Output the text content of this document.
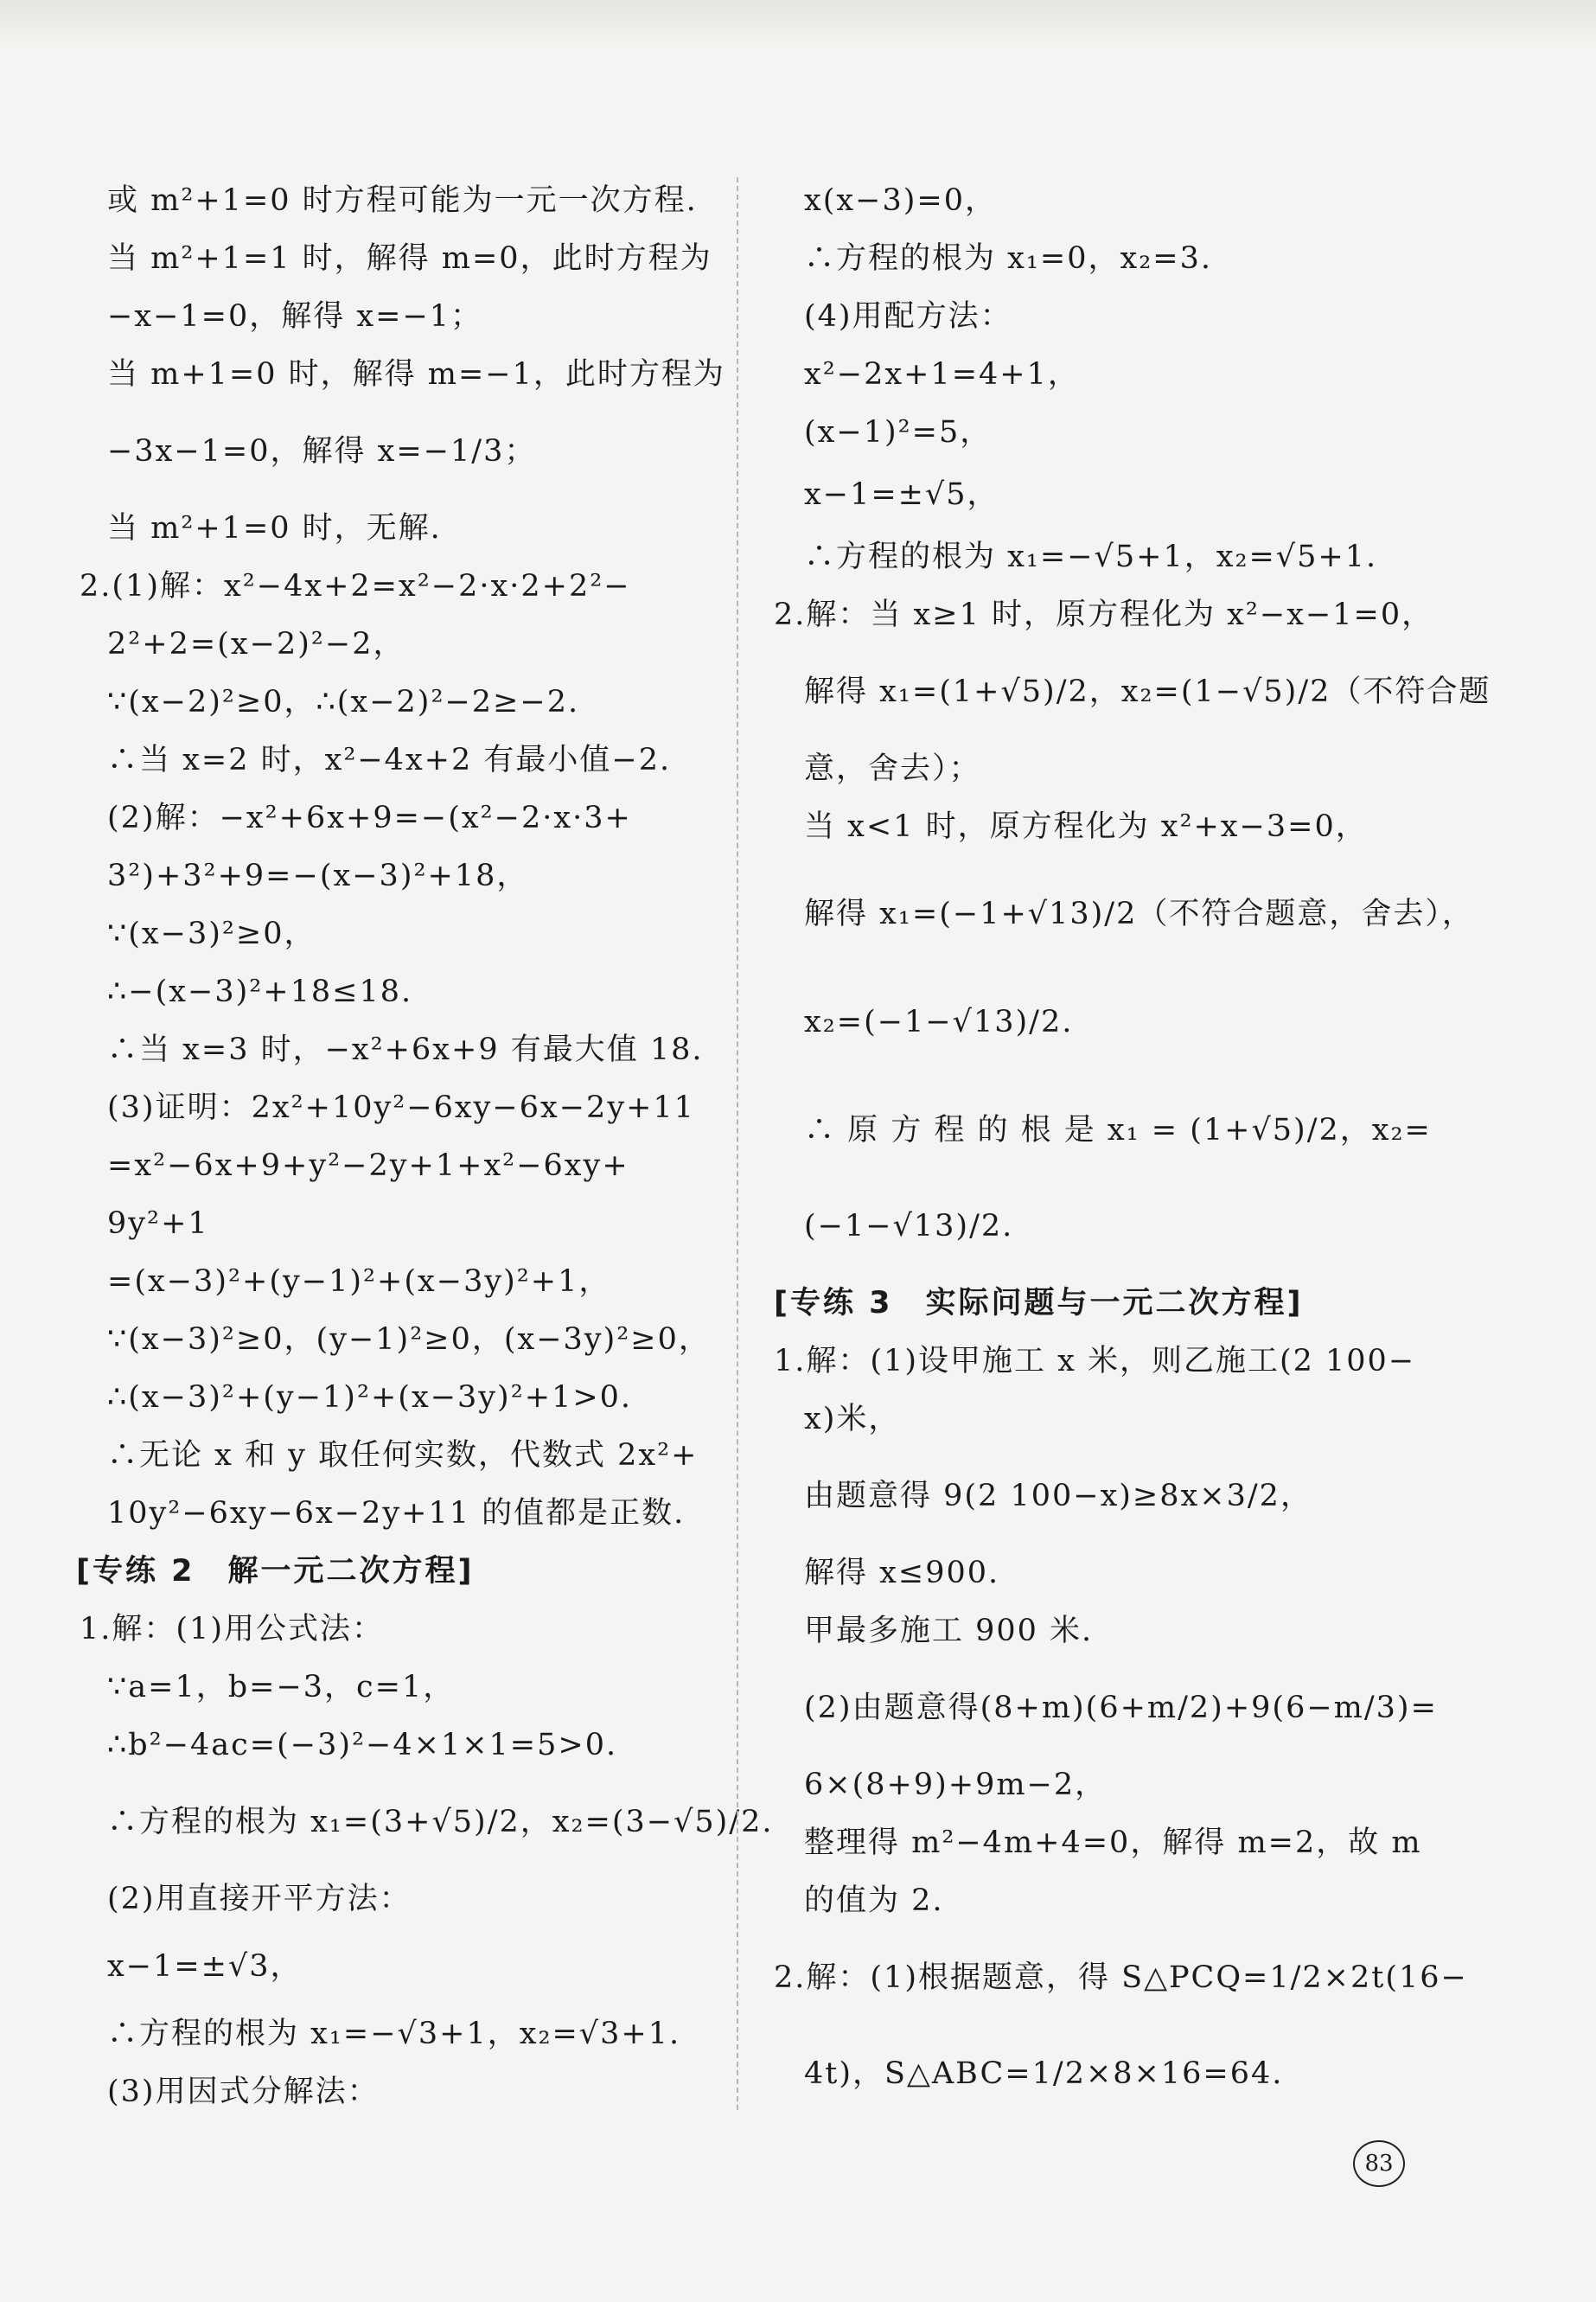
或 m²+1=0 时方程可能为一元一次方程.
当 m²+1=1 时，解得 m=0，此时方程为
−x−1=0，解得 x=−1；
当 m+1=0 时，解得 m=−1，此时方程为
−3x−1=0，解得 x=−1/3；
当 m²+1=0 时，无解.
2.(1)解：x²−4x+2=x²−2·x·2+2²−
2²+2=(x−2)²−2，
∵(x−2)²≥0，∴(x−2)²−2≥−2.
∴当 x=2 时，x²−4x+2 有最小值−2.
(2)解：−x²+6x+9=−(x²−2·x·3+
3²)+3²+9=−(x−3)²+18，
∵(x−3)²≥0，
∴−(x−3)²+18≤18.
∴当 x=3 时，−x²+6x+9 有最大值 18.
(3)证明：2x²+10y²−6xy−6x−2y+11
=x²−6x+9+y²−2y+1+x²−6xy+
9y²+1
=(x−3)²+(y−1)²+(x−3y)²+1，
∵(x−3)²≥0，(y−1)²≥0，(x−3y)²≥0，
∴(x−3)²+(y−1)²+(x−3y)²+1>0.
∴无论 x 和 y 取任何实数，代数式 2x²+
10y²−6xy−6x−2y+11 的值都是正数.
[专练 2　解一元二次方程]
1.解：(1)用公式法：
∵a=1，b=−3，c=1，
∴b²−4ac=(−3)²−4×1×1=5>0.
∴方程的根为 x₁=(3+√5)/2，x₂=(3−√5)/2.
(2)用直接开平方法：
x−1=±√3，
∴方程的根为 x₁=−√3+1，x₂=√3+1.
(3)用因式分解法：
x(x−3)=0，
∴方程的根为 x₁=0，x₂=3.
(4)用配方法：
x²−2x+1=4+1，
(x−1)²=5，
x−1=±√5，
∴方程的根为 x₁=−√5+1，x₂=√5+1.
2.解：当 x≥1 时，原方程化为 x²−x−1=0，
解得 x₁=(1+√5)/2，x₂=(1−√5)/2（不符合题
意，舍去）；
当 x<1 时，原方程化为 x²+x−3=0，
解得 x₁=(−1+√13)/2（不符合题意，舍去），
x₂=(−1−√13)/2.
∴ 原 方 程 的 根 是 x₁ = (1+√5)/2，x₂=
(−1−√13)/2.
[专练 3　实际问题与一元二次方程]
1.解：(1)设甲施工 x 米，则乙施工(2 100−
x)米，
由题意得 9(2 100−x)≥8x×3/2，
解得 x≤900.
甲最多施工 900 米.
(2)由题意得(8+m)(6+m/2)+9(6−m/3)=
6×(8+9)+9m−2，
整理得 m²−4m+4=0，解得 m=2，故 m
的值为 2.
2.解：(1)根据题意，得 S△PCQ=1/2×2t(16−
4t)，S△ABC=1/2×8×16=64.
83
